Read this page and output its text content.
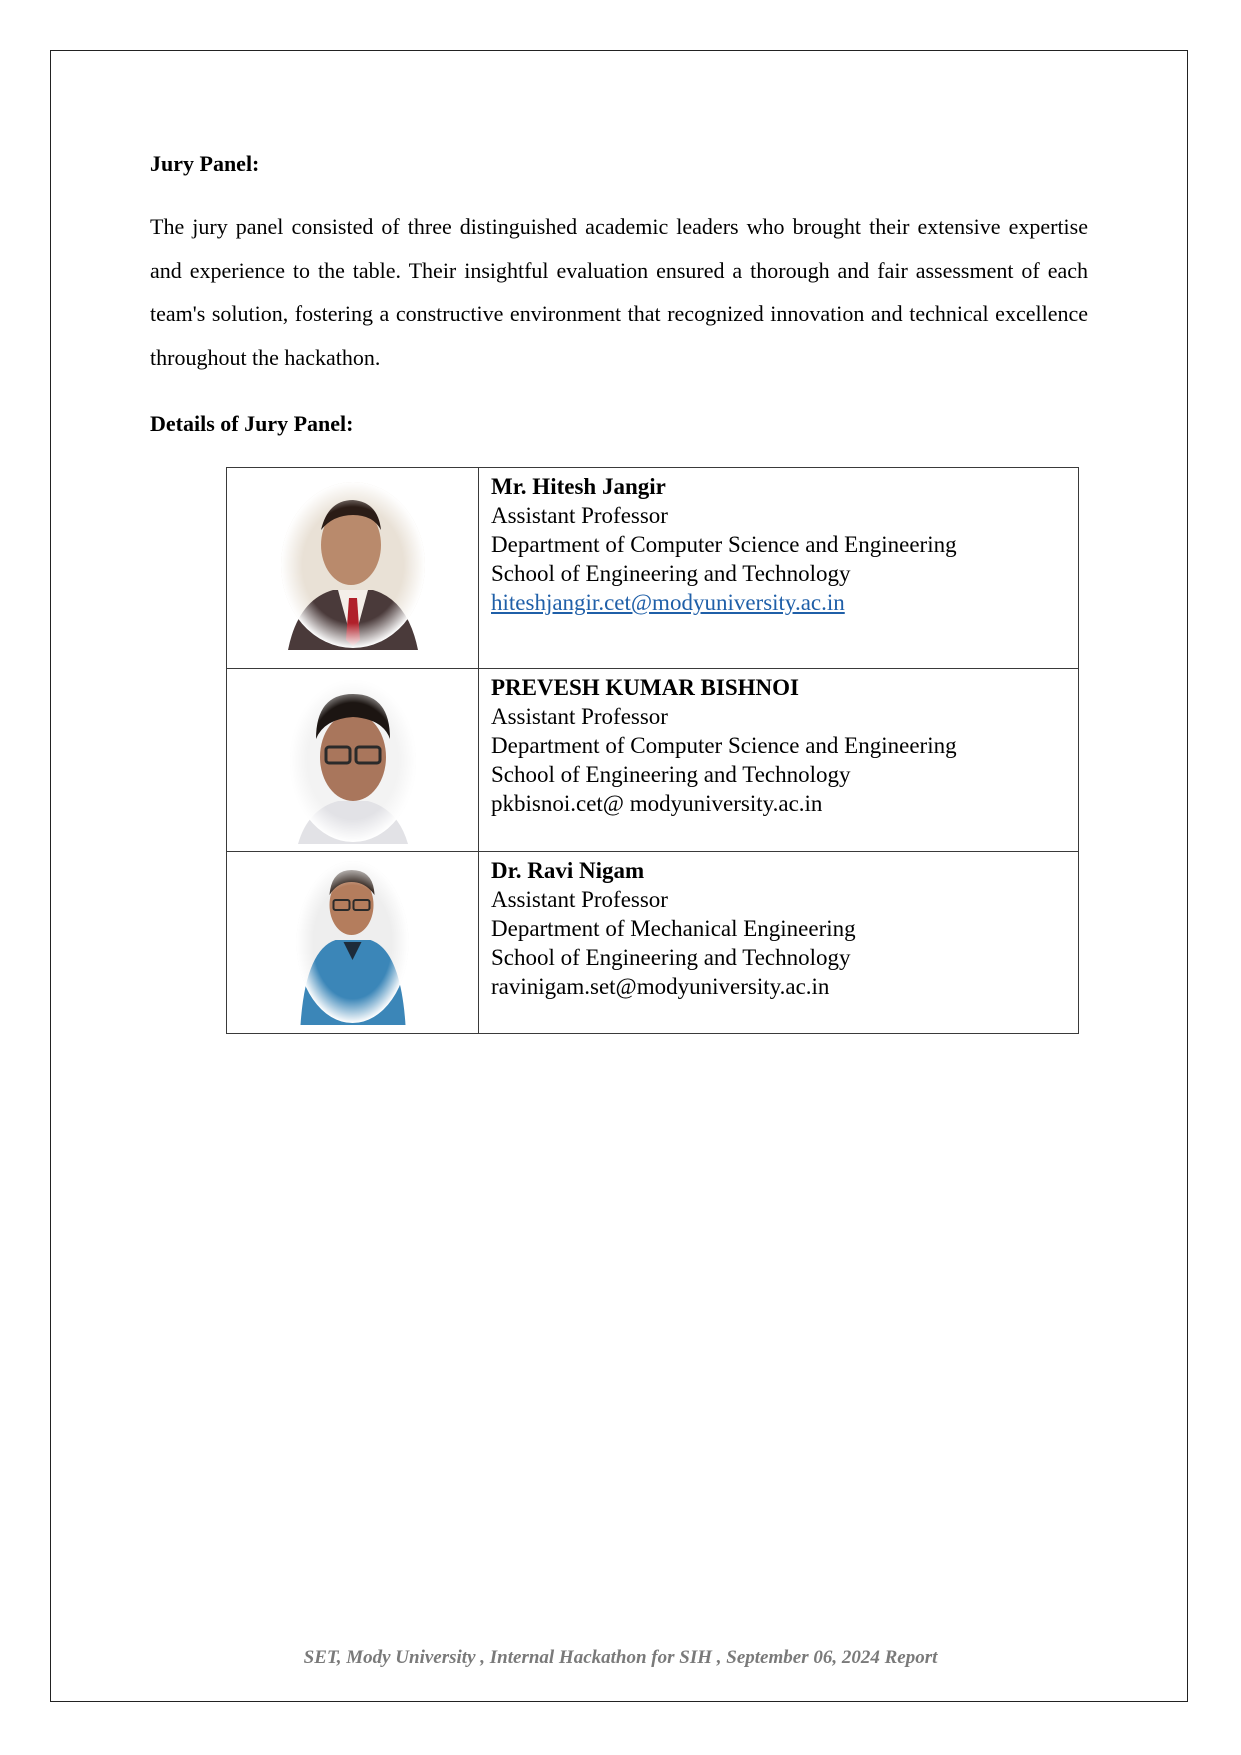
Jury Panel:
The jury panel consisted of three distinguished academic leaders who brought their extensive expertise and experience to the table. Their insightful evaluation ensured a thorough and fair assessment of each team's solution, fostering a constructive environment that recognized innovation and technical excellence throughout the hackathon.
Details of Jury Panel:

Mr. Hitesh Jangir
Assistant Professor
Department of Computer Science and Engineering
School of Engineering and Technology
hiteshjangir.cet@modyuniversity.ac.in

PREVESH KUMAR BISHNOI
Assistant Professor
Department of Computer Science and Engineering
School of Engineering and Technology
pkbisnoi.cet@ modyuniversity.ac.in

Dr. Ravi Nigam
Assistant Professor
Department of Mechanical Engineering
School of Engineering and Technology
ravinigam.set@modyuniversity.ac.in
SET, Mody University , Internal Hackathon for SIH , September 06, 2024 Report
